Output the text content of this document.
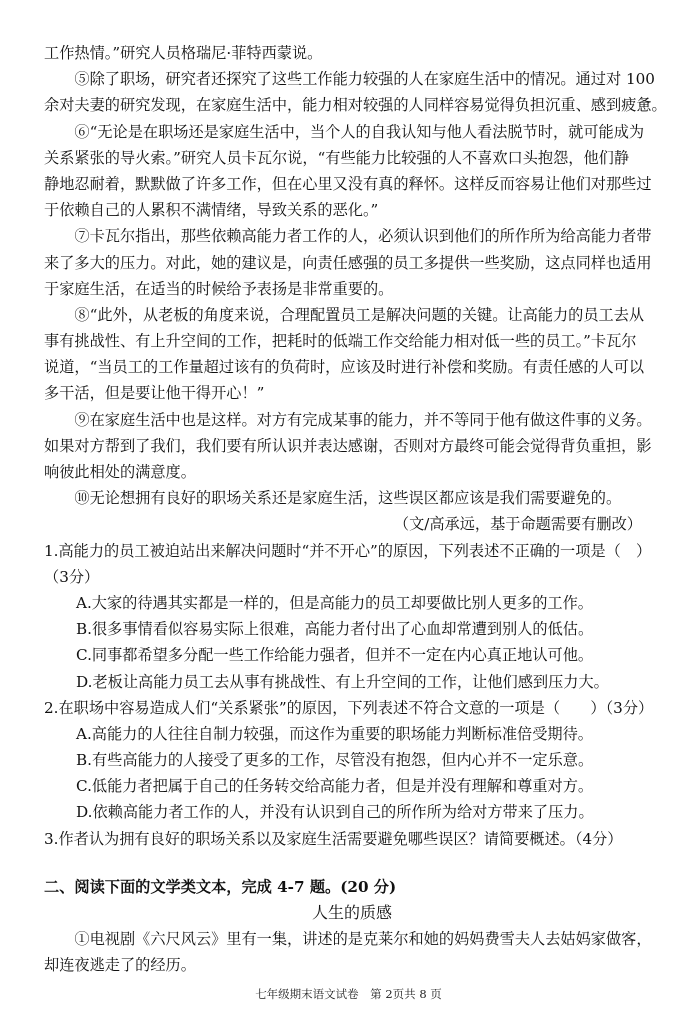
工作热情。”研究人员格瑞尼·菲特西蒙说。
⑤除了职场，研究者还探究了这些工作能力较强的人在家庭生活中的情况。通过对 100
余对夫妻的研究发现，在家庭生活中，能力相对较强的人同样容易觉得负担沉重、感到疲惫。
⑥“无论是在职场还是家庭生活中，当个人的自我认知与他人看法脱节时，就可能成为
关系紧张的导火索。”研究人员卡瓦尔说，“有些能力比较强的人不喜欢口头抱怨，他们静
静地忍耐着，默默做了许多工作，但在心里又没有真的释怀。这样反而容易让他们对那些过
于依赖自己的人累积不满情绪，导致关系的恶化。”
⑦卡瓦尔指出，那些依赖高能力者工作的人，必须认识到他们的所作所为给高能力者带
来了多大的压力。对此，她的建议是，向责任感强的员工多提供一些奖励，这点同样也适用
于家庭生活，在适当的时候给予表扬是非常重要的。
⑧“此外，从老板的角度来说，合理配置员工是解决问题的关键。让高能力的员工去从
事有挑战性、有上升空间的工作，把耗时的低端工作交给能力相对低一些的员工。”卡瓦尔
说道，“当员工的工作量超过该有的负荷时，应该及时进行补偿和奖励。有责任感的人可以
多干活，但是要让他干得开心！”
⑨在家庭生活中也是这样。对方有完成某事的能力，并不等同于他有做这件事的义务。
如果对方帮到了我们，我们要有所认识并表达感谢，否则对方最终可能会觉得背负重担，影
响彼此相处的满意度。
⑩无论想拥有良好的职场关系还是家庭生活，这些误区都应该是我们需要避免的。
（文/高承远，基于命题需要有删改）
1.高能力的员工被迫站出来解决问题时“并不开心”的原因，下列表述不正确的一项是（　）
（3分）
A.大家的待遇其实都是一样的，但是高能力的员工却要做比别人更多的工作。
B.很多事情看似容易实际上很难，高能力者付出了心血却常遭到别人的低估。
C.同事都希望多分配一些工作给能力强者，但并不一定在内心真正地认可他。
D.老板让高能力员工去从事有挑战性、有上升空间的工作，让他们感到压力大。
2.在职场中容易造成人们“关系紧张”的原因，下列表述不符合文意的一项是（　　）（3分）
A.高能力的人往往自制力较强，而这作为重要的职场能力判断标准倍受期待。
B.有些高能力的人接受了更多的工作，尽管没有抱怨，但内心并不一定乐意。
C.低能力者把属于自己的任务转交给高能力者，但是并没有理解和尊重对方。
D.依赖高能力者工作的人，并没有认识到自己的所作所为给对方带来了压力。
3.作者认为拥有良好的职场关系以及家庭生活需要避免哪些误区？请简要概述。（4分）
二、阅读下面的文学类文本，完成 4-7 题。(20 分)
人生的质感
①电视剧《六尺风云》里有一集，讲述的是克莱尔和她的妈妈费雪夫人去姑妈家做客，
却连夜逃走了的经历。
七年级期末语文试卷　第 2页共 8 页
